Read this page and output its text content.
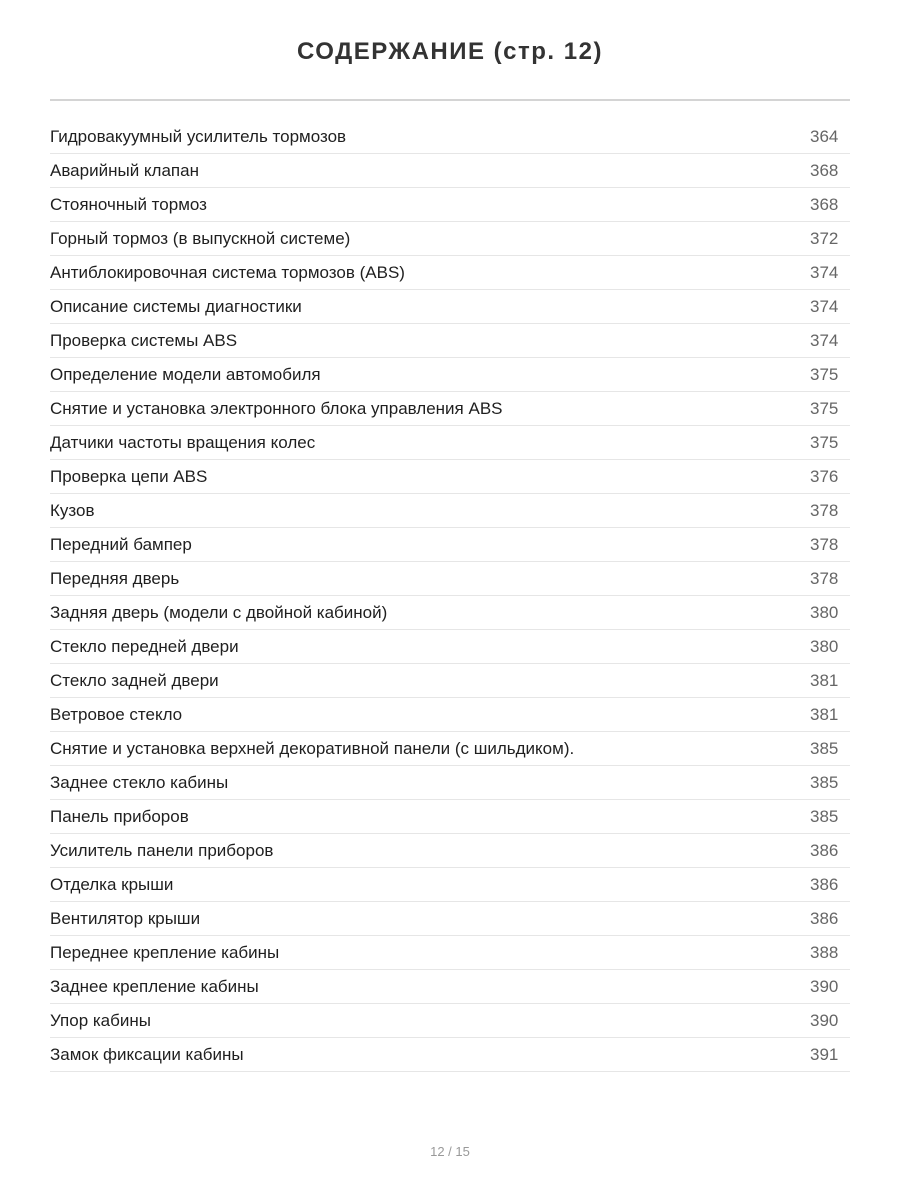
СОДЕРЖАНИЕ (стр. 12)
Гидровакуумный усилитель тормозов	364
Аварийный клапан	368
Стояночный тормоз	368
Горный тормоз (в выпускной системе)	372
Антиблокировочная система тормозов (ABS)	374
Описание системы диагностики	374
Проверка системы ABS	374
Определение модели автомобиля	375
Снятие и установка электронного блока управления ABS	375
Датчики частоты вращения колес	375
Проверка цепи ABS	376
Кузов	378
Передний бампер	378
Передняя дверь	378
Задняя дверь (модели с двойной кабиной)	380
Стекло передней двери	380
Стекло задней двери	381
Ветровое стекло	381
Снятие и установка верхней декоративной панели (с шильдиком).	385
Заднее стекло кабины	385
Панель приборов	385
Усилитель панели приборов	386
Отделка крыши	386
Вентилятор крыши	386
Переднее крепление кабины	388
Заднее крепление кабины	390
Упор кабины	390
Замок фиксации кабины	391
12 / 15
